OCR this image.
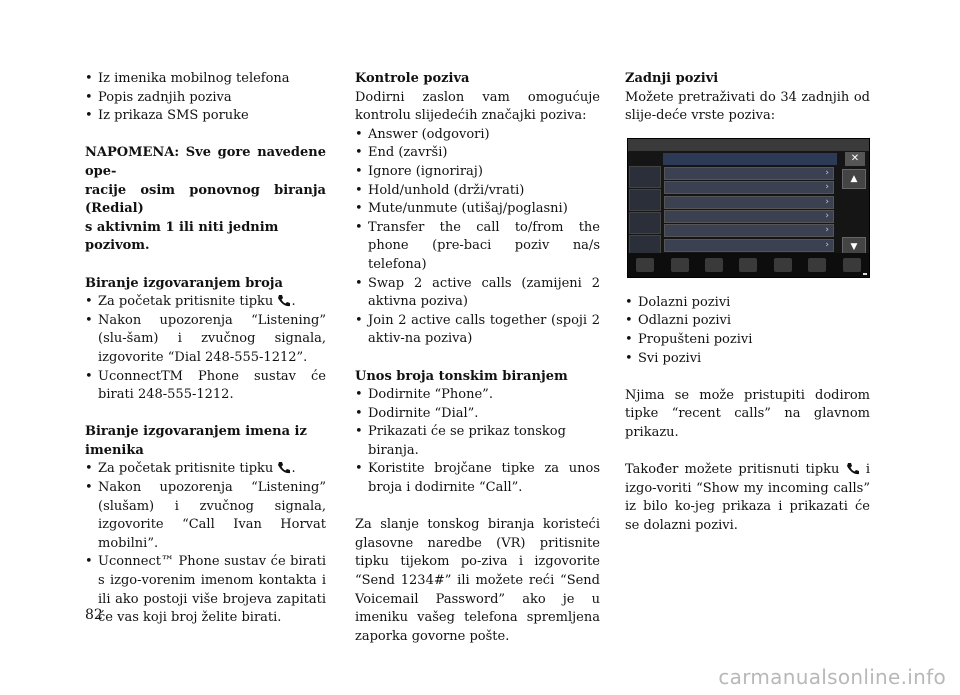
• Iz imenika mobilnog telefona

• Popis zadnjih poziva

• Iz prikaza SMS poruke

NAPOMENA: Sve gore navedene ope-

racije osim ponovnog biranja (Redial)

s aktivnim 1 ili niti jednim pozivom.

Biranje izgovaranjem broja

• Za početak pritisnite tipku .

• Nakon upozorenja “Listening” (slu-šam) i zvučnog signala, izgovorite “Dial 248-555-1212”.

• UconnectTM Phone sustav će birati 248-555-1212.

Biranje izgovaranjem imena iz imenika

• Za početak pritisnite tipku .

• Nakon upozorenja “Listening” (slušam) i zvučnog signala, izgovorite “Call Ivan Horvat mobilni”.

• Uconnect™ Phone sustav će birati s izgo-vorenim imenom kontakta i ili ako postoji više brojeva zapitati će vas koji broj želite birati.

Kontrole poziva

Dodirni zaslon vam omogućuje kontrolu slijedećih značajki poziva:

• Answer (odgovori)

• End (završi)

• Ignore (ignoriraj)

• Hold/unhold (drži/vrati)

• Mute/unmute (utišaj/poglasni)

• Transfer the call to/from the phone (pre-baci poziv na/s telefona)

• Swap 2 active calls (zamijeni 2 aktivna poziva)

• Join 2 active calls together (spoji 2 aktiv-na poziva)

Unos broja tonskim biranjem

• Dodirnite “Phone”.

• Dodirnite “Dial”.

• Prikazati će se prikaz tonskog biranja.

• Koristite brojčane tipke za unos broja i dodirnite “Call”.

Za slanje tonskog biranja koristeći glasovne naredbe (VR) pritisnite tipku tijekom po-ziva i izgovorite “Send 1234#” ili možete reći “Send Voicemail Password” ako je u imeniku vašeg telefona spremljena zaporka govorne pošte.

Zadnji pozivi

Možete pretraživati do 34 zadnjih od slije-deće vrste poziva:

✕
›
›
›
›
›
›
▲
▼

• Dolazni pozivi

• Odlazni pozivi

• Propušteni pozivi

• Svi pozivi

Njima se može pristupiti dodirom tipke “recent calls” na glavnom prikazu.

Također možete pritisnuti tipku i izgo-voriti “Show my incoming calls” iz bilo ko-jeg prikaza i prikazati će se dolazni pozivi.

82
carmanualsonline.info
